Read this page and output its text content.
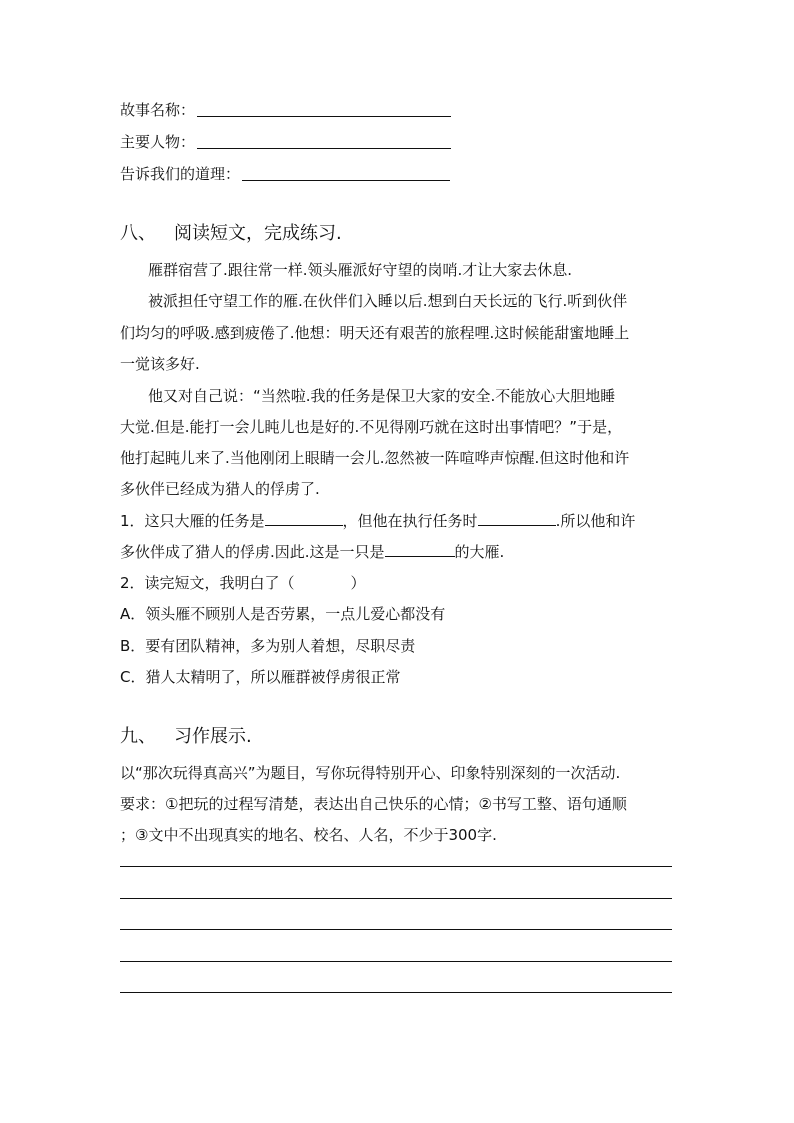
故事名称：
主要人物：
告诉我们的道理：
八、 阅读短文，完成练习.
雁群宿营了.跟往常一样.领头雁派好守望的岗哨.才让大家去休息.
被派担任守望工作的雁.在伙伴们入睡以后.想到白天长远的飞行.听到伙伴
们均匀的呼吸.感到疲倦了.他想：明天还有艰苦的旅程哩.这时候能甜蜜地睡上
一觉该多好.
他又对自己说：“当然啦.我的任务是保卫大家的安全.不能放心大胆地睡
大觉.但是.能打一会儿盹儿也是好的.不见得刚巧就在这时出事情吧？”于是，
他打起盹儿来了.当他刚闭上眼睛一会儿.忽然被一阵喧哗声惊醒.但这时他和许
多伙伴已经成为猎人的俘虏了.
1．这只大雁的任务是	，但他在执行任务时	.所以他和许
多伙伴成了猎人的俘虏.因此.这是一只是	的大雁.
2．读完短文，我明白了（	）
A．领头雁不顾别人是否劳累，一点儿爱心都没有
B．要有团队精神，多为别人着想，尽职尽责
C．猎人太精明了，所以雁群被俘虏很正常
九、 习作展示.
以“那次玩得真高兴”为题目，写你玩得特别开心、印象特别深刻的一次活动.
要求：①把玩的过程写清楚，表达出自己快乐的心情；②书写工整、语句通顺
；③文中不出现真实的地名、校名、人名，不少于300字.
